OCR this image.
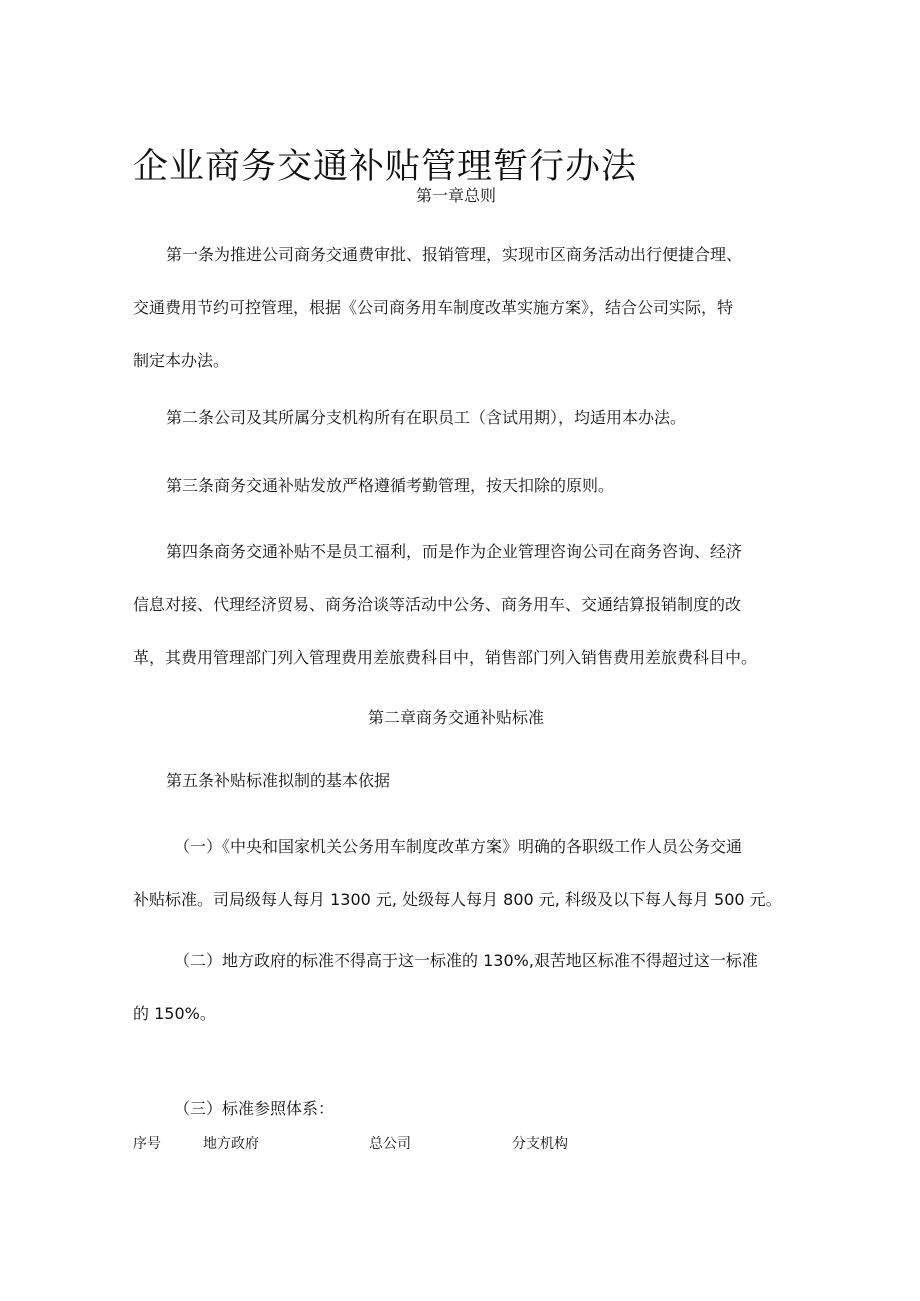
企业商务交通补贴管理暂行办法
第一章总则
第一条为推进公司商务交通费审批、报销管理，实现市区商务活动出行便捷合理、
交通费用节约可控管理，根据《公司商务用车制度改革实施方案》，结合公司实际，特
制定本办法。
第二条公司及其所属分支机构所有在职员工（含试用期），均适用本办法。
第三条商务交通补贴发放严格遵循考勤管理，按天扣除的原则。
第四条商务交通补贴不是员工福利，而是作为企业管理咨询公司在商务咨询、经济
信息对接、代理经济贸易、商务洽谈等活动中公务、商务用车、交通结算报销制度的改
革，其费用管理部门列入管理费用差旅费科目中，销售部门列入销售费用差旅费科目中。
第二章商务交通补贴标准
第五条补贴标准拟制的基本依据
（一）《中央和国家机关公务用车制度改革方案》明确的各职级工作人员公务交通
补贴标准。司局级每人每月 1300 元, 处级每人每月 800 元, 科级及以下每人每月 500 元。
（二）地方政府的标准不得高于这一标准的 130%,艰苦地区标准不得超过这一标准
的 150%。
（三）标准参照体系：
序号	地方政府	总公司	分支机构
